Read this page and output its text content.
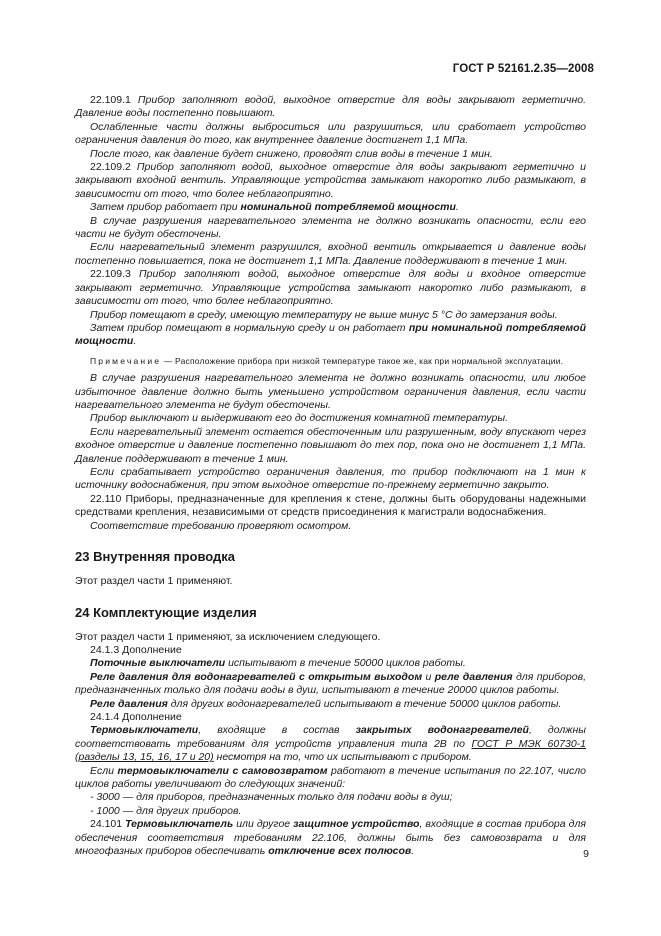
ГОСТ Р 52161.2.35—2008

22.109.1 Прибор заполняют водой, выходное отверстие для воды закрывают герметично. Давление воды постепенно повышают.

Ослабленные части должны выброситься или разрушиться, или сработает устройство ограничения давления до того, как внутреннее давление достигнет 1,1 МПа.

После того, как давление будет снижено, проводят слив воды в течение 1 мин.

22.109.2 Прибор заполняют водой, выходное отверстие для воды закрывают герметично и закрывают входной вентиль. Управляющие устройства замыкают накоротко либо размыкают, в зависимости от того, что более неблагоприятно.

Затем прибор работает при номинальной потребляемой мощности.

В случае разрушения нагревательного элемента не должно возникать опасности, если его части не будут обесточены.

Если нагревательный элемент разрушился, входной вентиль открывается и давление воды постепенно повышается, пока не достигнет 1,1 МПа. Давление поддерживают в течение 1 мин.

22.109.3 Прибор заполняют водой, выходное отверстие для воды и входное отверстие закрывают герметично. Управляющие устройства замыкают накоротко либо размыкают, в зависимости от того, что более неблагоприятно.

Прибор помещают в среду, имеющую температуру не выше минус 5 °С до замерзания воды.

Затем прибор помещают в нормальную среду и он работает при номинальной потребляемой мощности.

Примечание — Расположение прибора при низкой температуре такое же, как при нормальной эксплуатации.

В случае разрушения нагревательного элемента не должно возникать опасности, или любое избыточное давление должно быть уменьшено устройством ограничения давления, если части нагревательного элемента не будут обесточены.

Прибор выключают и выдерживают его до достижения комнатной температуры.

Если нагревательный элемент остается обесточенным или разрушенным, воду впускают через входное отверстие и давление постепенно повышают до тех пор, пока оно не достигнет 1,1 МПа. Давление поддерживают в течение 1 мин.

Если срабатывает устройство ограничения давления, то прибор подключают на 1 мин к источнику водоснабжения, при этом выходное отверстие по-прежнему герметично закрыто.

22.110 Приборы, предназначенные для крепления к стене, должны быть оборудованы надежными средствами крепления, независимыми от средств присоединения к магистрали водоснабжения.

Соответствие требованию проверяют осмотром.

23 Внутренняя проводка

Этот раздел части 1 применяют.

24 Комплектующие изделия

Этот раздел части 1 применяют, за исключением следующего.

24.1.3 Дополнение

Поточные выключатели испытывают в течение 50000 циклов работы.

Реле давления для водонагревателей с открытым выходом и реле давления для приборов, предназначенных только для подачи воды в душ, испытывают в течение 20000 циклов работы.

Реле давления для других водонагревателей испытывают в течение 50000 циклов работы.

24.1.4 Дополнение

Термовыключатели, входящие в состав закрытых водонагревателей, должны соответствовать требованиям для устройств управления типа 2В по ГОСТ Р МЭК 60730-1 (разделы 13, 15, 16, 17 и 20) несмотря на то, что их испытывают с прибором.

Если термовыключатели с самовозвратом работают в течение испытания по 22.107, число циклов работы увеличивают до следующих значений:

- 3000 — для приборов, предназначенных только для подачи воды в душ;

- 1000 — для других приборов.

24.101 Термовыключатель или другое защитное устройство, входящие в состав прибора для обеспечения соответствия требованиям 22.106, должны быть без самовозврата и для многофазных приборов обеспечивать отключение всех полюсов.	9
